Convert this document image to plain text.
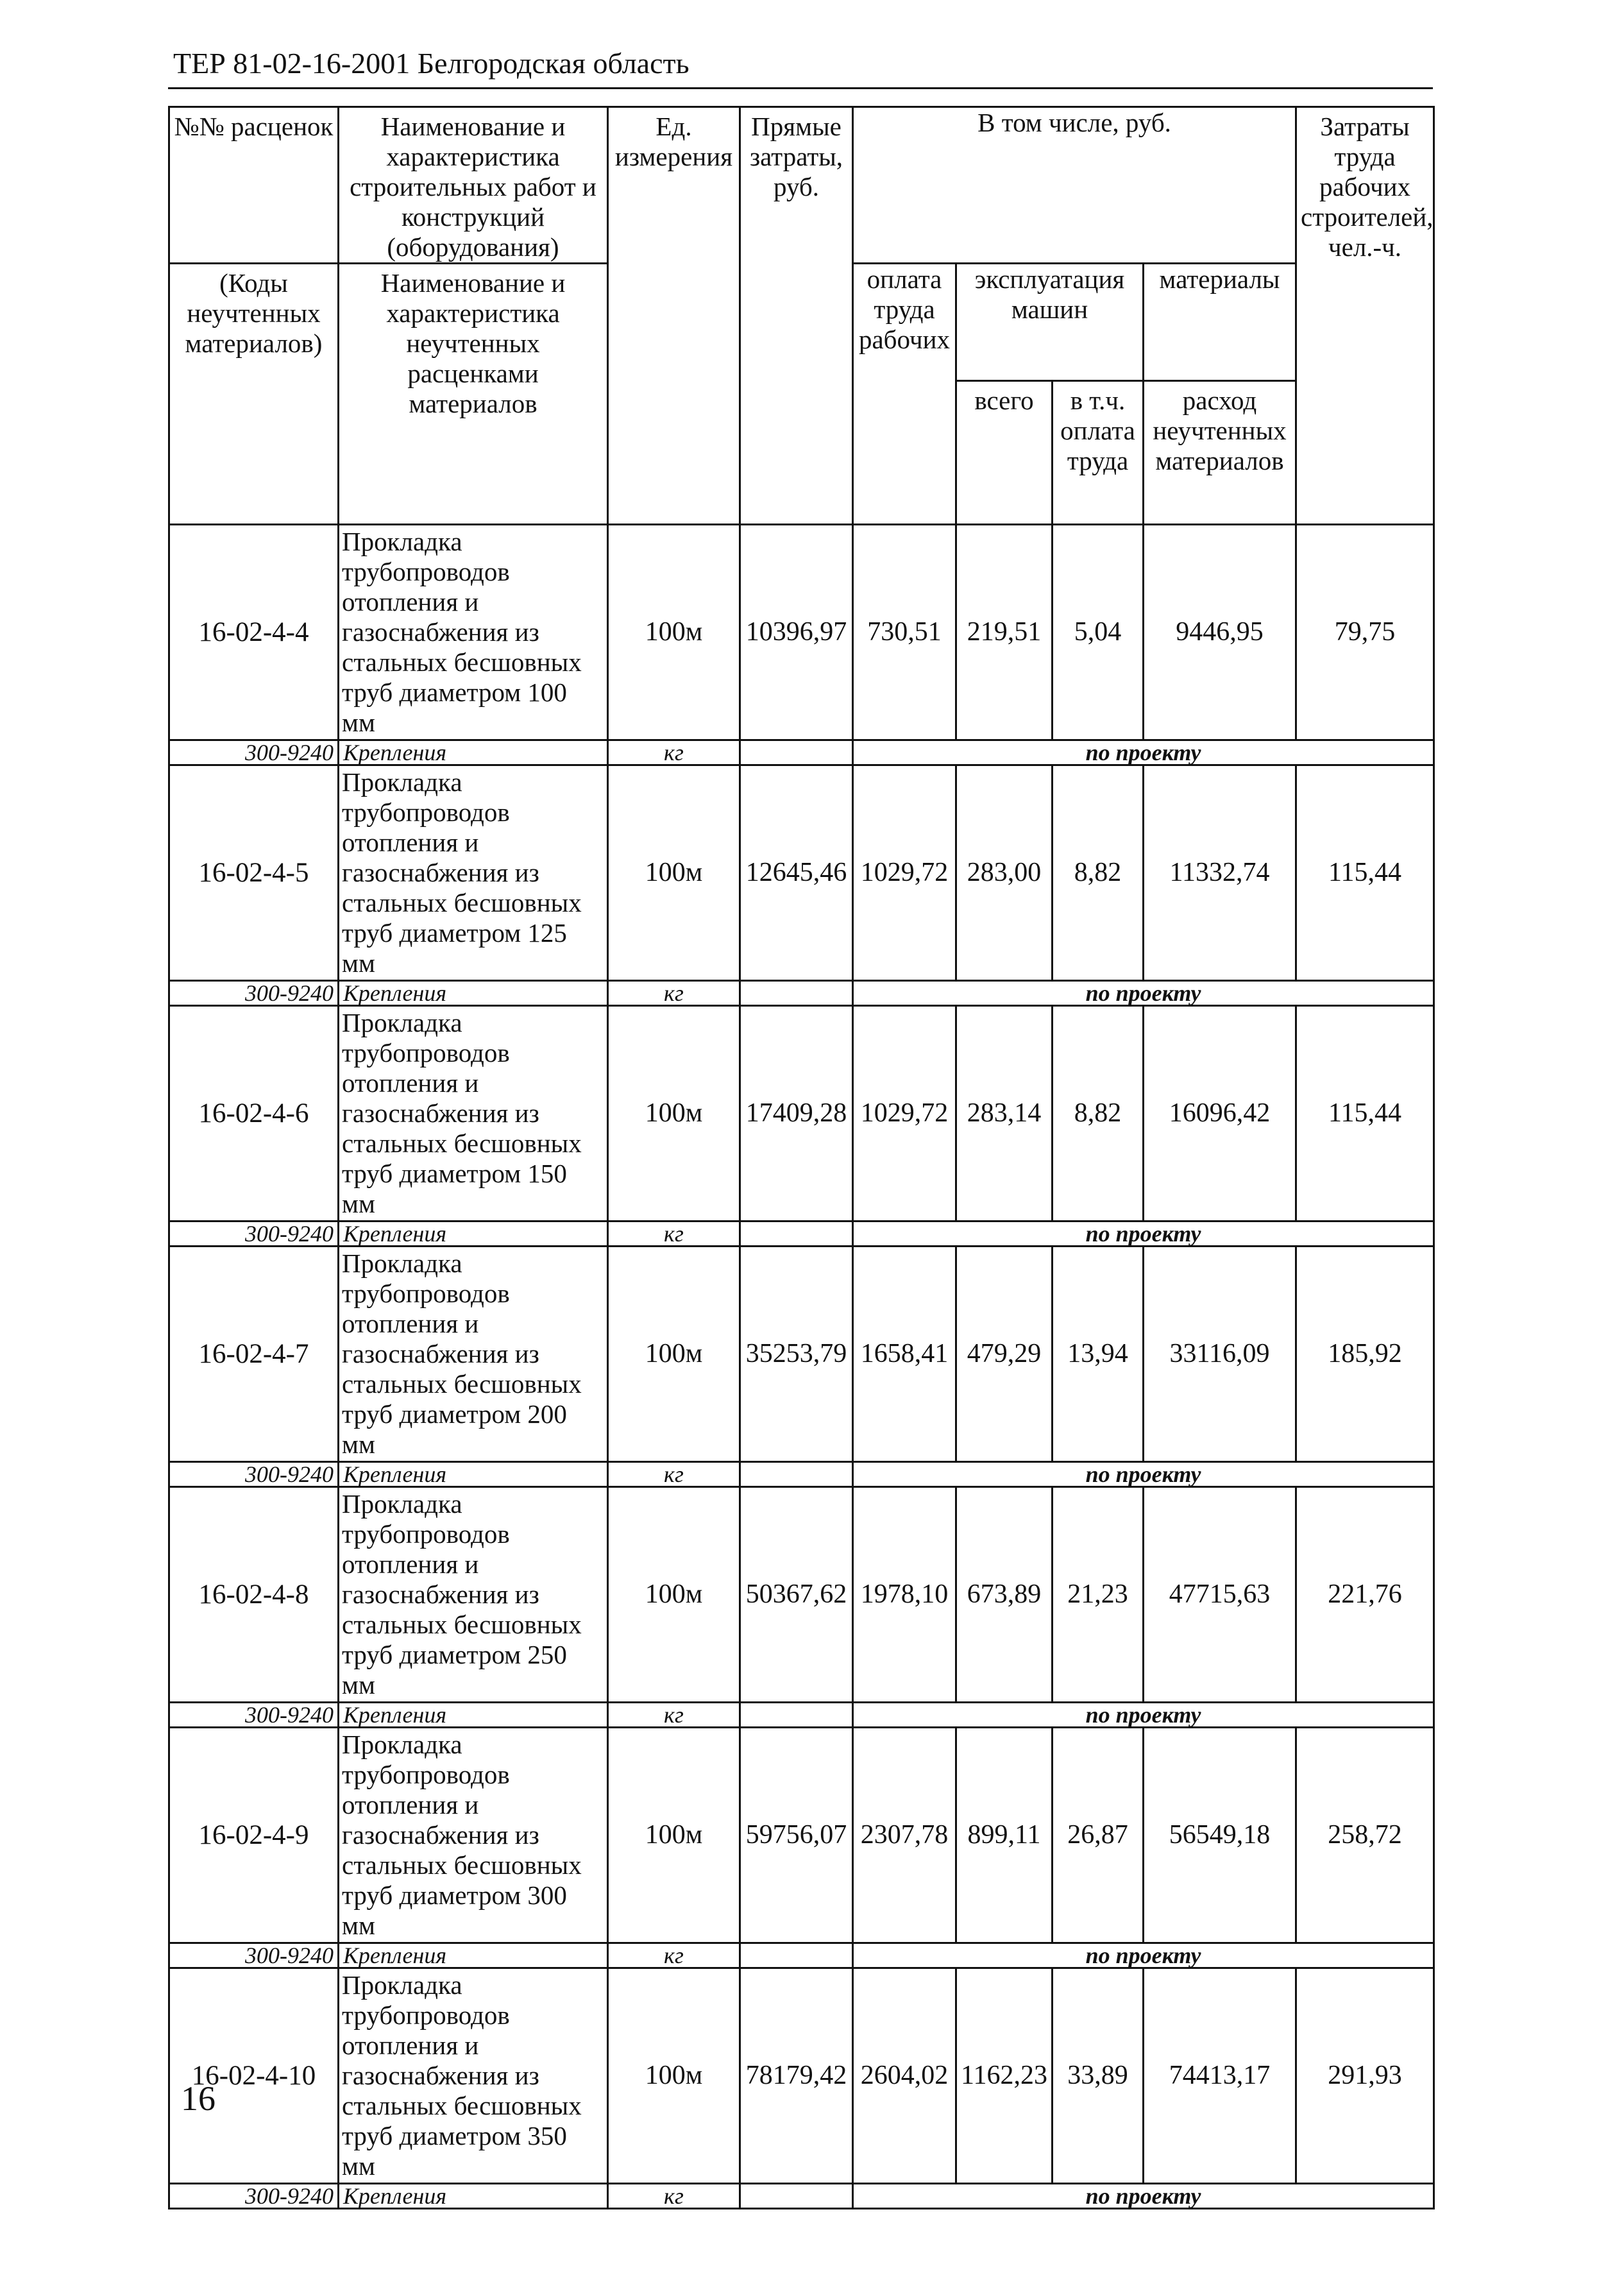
ТЕР 81-02-16-2001 Белгородская область
№№ расценок	Наименование и характеристика строительных работ и конструкций (оборудования)	Ед. измерения	Прямые затраты, руб.	В том числе, руб.				Затраты труда рабочих строителей, чел.-ч.
(Коды неучтенных материалов)	Наименование и характеристика неучтенных расценками материалов			оплата труда рабочих	эксплуатация машин		материалы	
					всего	в т.ч. оплата труда	расход неучтенных материалов	
16-02-4-4	Прокладка трубопроводов отопления и газоснабжения из стальных бесшовных труб диаметром 100 мм	100м	10396,97	730,51	219,51	5,04	9446,95	79,75
300-9240	Крепления	кг		по проекту				
16-02-4-5	Прокладка трубопроводов отопления и газоснабжения из стальных бесшовных труб диаметром 125 мм	100м	12645,46	1029,72	283,00	8,82	11332,74	115,44
300-9240	Крепления	кг		по проекту				
16-02-4-6	Прокладка трубопроводов отопления и газоснабжения из стальных бесшовных труб диаметром 150 мм	100м	17409,28	1029,72	283,14	8,82	16096,42	115,44
300-9240	Крепления	кг		по проекту				
16-02-4-7	Прокладка трубопроводов отопления и газоснабжения из стальных бесшовных труб диаметром 200 мм	100м	35253,79	1658,41	479,29	13,94	33116,09	185,92
300-9240	Крепления	кг		по проекту				
16-02-4-8	Прокладка трубопроводов отопления и газоснабжения из стальных бесшовных труб диаметром 250 мм	100м	50367,62	1978,10	673,89	21,23	47715,63	221,76
300-9240	Крепления	кг		по проекту				
16-02-4-9	Прокладка трубопроводов отопления и газоснабжения из стальных бесшовных труб диаметром 300 мм	100м	59756,07	2307,78	899,11	26,87	56549,18	258,72
300-9240	Крепления	кг		по проекту				
16-02-4-10	Прокладка трубопроводов отопления и газоснабжения из стальных бесшовных труб диаметром 350 мм	100м	78179,42	2604,02	1162,23	33,89	74413,17	291,93
300-9240	Крепления	кг		по проекту				
16
